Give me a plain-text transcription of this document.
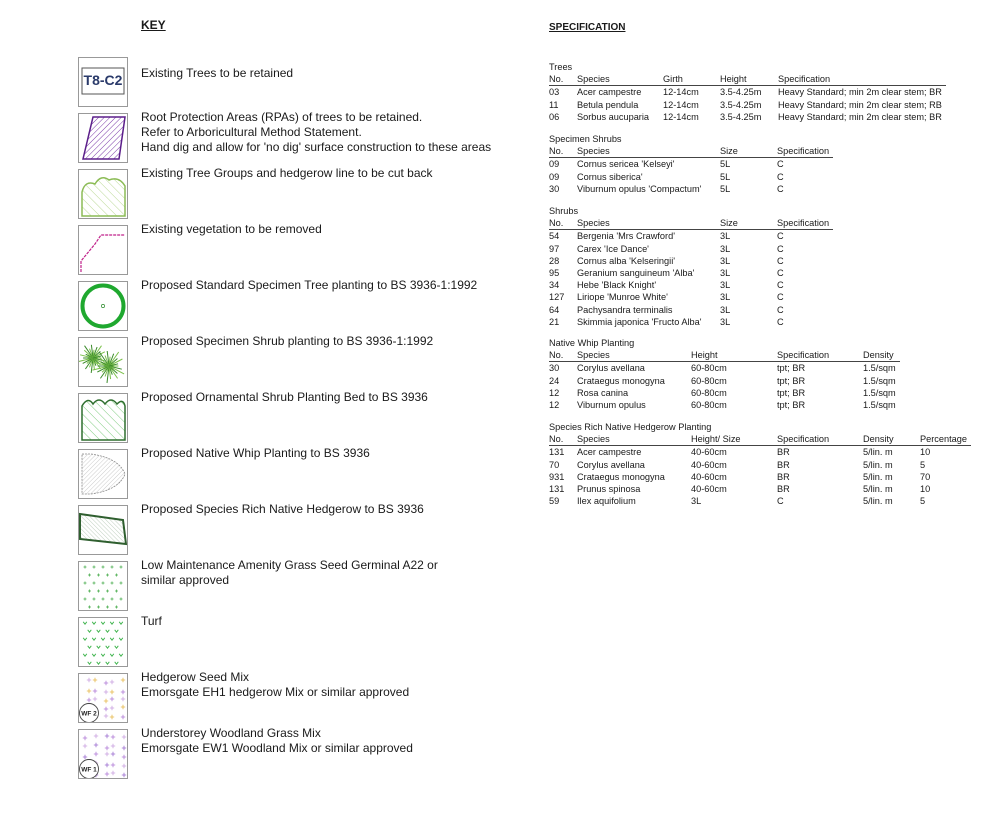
KEY	SPECIFICATION
T8-C2
WF 2
WF 1
Existing Trees to be retained
Root Protection Areas (RPAs) of trees to be retained.
Refer to Arboricultural Method Statement.
Hand dig and allow for 'no dig' surface construction to these areas
Existing Tree Groups and hedgerow line to be cut back
Existing vegetation to be removed
Proposed Standard Specimen Tree planting to BS 3936-1:1992
Proposed Specimen Shrub planting to BS 3936-1:1992
Proposed Ornamental Shrub Planting Bed to BS 3936
Proposed Native Whip Planting to BS 3936
Proposed Species Rich Native Hedgerow to BS 3936
Low Maintenance Amenity Grass Seed Germinal A22 or
similar approved
Turf
Hedgerow Seed Mix
Emorsgate EH1 hedgerow Mix or similar approved
Understorey Woodland Grass Mix
Emorsgate EW1 Woodland Mix or similar approved
Trees
No.	Species	Girth	Height	Specification
03	Acer campestre	12-14cm	3.5-4.25m	Heavy Standard; min 2m clear stem; BR
11	Betula pendula	12-14cm	3.5-4.25m	Heavy Standard; min 2m clear stem; RB
06	Sorbus aucuparia	12-14cm	3.5-4.25m	Heavy Standard; min 2m clear stem; BR
Specimen Shrubs
No.	Species	Size	Specification
09	Cornus sericea 'Kelseyi'	5L	C
09	Cornus siberica'	5L	C
30	Viburnum opulus 'Compactum'	5L	C
Shrubs
No.	Species	Size	Specification
54	Bergenia 'Mrs Crawford'	3L	C
97	Carex 'Ice Dance'	3L	C
28	Cornus alba 'Kelseringii'	3L	C
95	Geranium sanguineum 'Alba'	3L	C
34	Hebe 'Black Knight'	3L	C
127	Liriope 'Munroe White'	3L	C
64	Pachysandra terminalis	3L	C
21	Skimmia japonica 'Fructo Alba'	3L	C
Native Whip Planting
No.	Species	Height	Specification	Density
30	Corylus avellana	60-80cm	tpt; BR	1.5/sqm
24	Crataegus monogyna	60-80cm	tpt; BR	1.5/sqm
12	Rosa canina	60-80cm	tpt; BR	1.5/sqm
12	Viburnum opulus	60-80cm	tpt; BR	1.5/sqm
Species Rich Native Hedgerow Planting
No.	Species	Height/ Size	Specification	Density	Percentage
131	Acer campestre	40-60cm	BR	5/lin. m	10
70	Corylus avellana	40-60cm	BR	5/lin. m	5
931	Crataegus monogyna	40-60cm	BR	5/lin. m	70
131	Prunus spinosa	40-60cm	BR	5/lin. m	10
59	Ilex aquifolium	3L	C	5/lin. m	5
